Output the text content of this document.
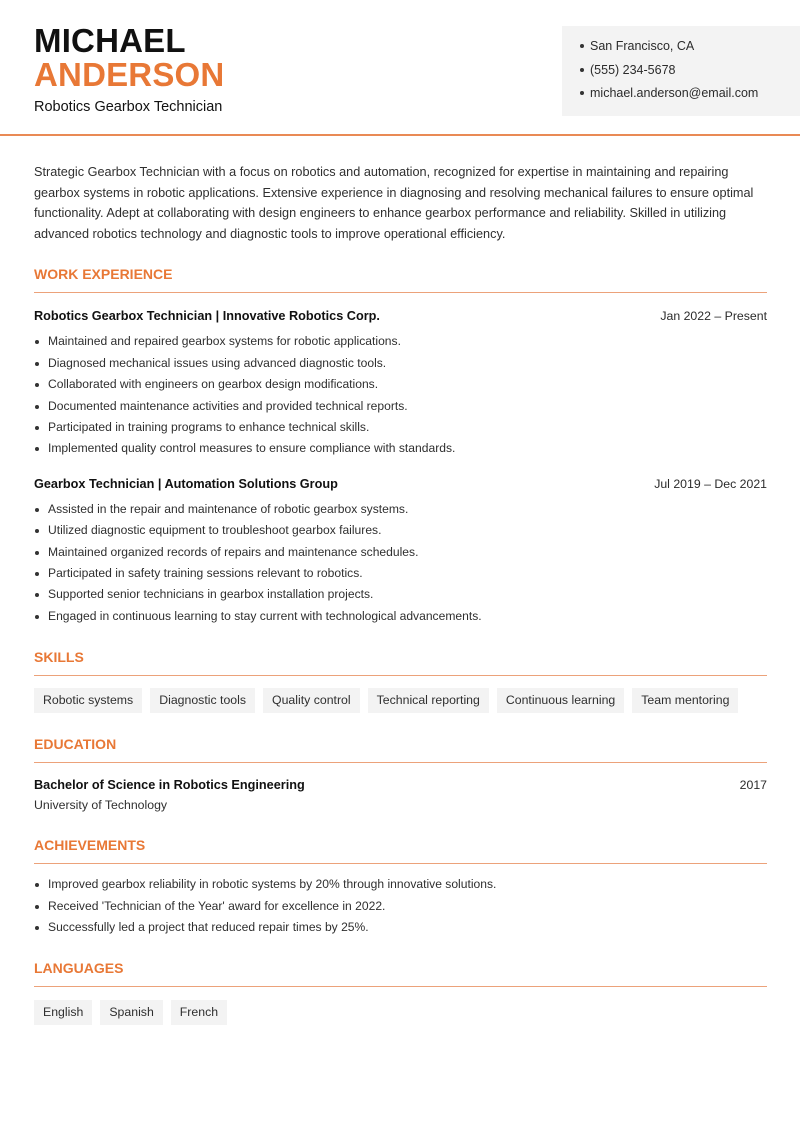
MICHAEL
ANDERSON
Robotics Gearbox Technician
San Francisco, CA
(555) 234-5678
michael.anderson@email.com

Strategic Gearbox Technician with a focus on robotics and automation, recognized for expertise in maintaining and repairing gearbox systems in robotic applications. Extensive experience in diagnosing and resolving mechanical failures to ensure optimal functionality. Adept at collaborating with design engineers to enhance gearbox performance and reliability. Skilled in utilizing advanced robotics technology and diagnostic tools to improve operational efficiency.

WORK EXPERIENCE
Robotics Gearbox Technician | Innovative Robotics Corp.	Jan 2022 – Present
Maintained and repaired gearbox systems for robotic applications.
Diagnosed mechanical issues using advanced diagnostic tools.
Collaborated with engineers on gearbox design modifications.
Documented maintenance activities and provided technical reports.
Participated in training programs to enhance technical skills.
Implemented quality control measures to ensure compliance with standards.
Gearbox Technician | Automation Solutions Group	Jul 2019 – Dec 2021
Assisted in the repair and maintenance of robotic gearbox systems.
Utilized diagnostic equipment to troubleshoot gearbox failures.
Maintained organized records of repairs and maintenance schedules.
Participated in safety training sessions relevant to robotics.
Supported senior technicians in gearbox installation projects.
Engaged in continuous learning to stay current with technological advancements.
SKILLS
Robotic systems	Diagnostic tools	Quality control	Technical reporting	Continuous learning	Team mentoring
EDUCATION
Bachelor of Science in Robotics Engineering	2017
University of Technology
ACHIEVEMENTS
Improved gearbox reliability in robotic systems by 20% through innovative solutions.
Received 'Technician of the Year' award for excellence in 2022.
Successfully led a project that reduced repair times by 25%.
LANGUAGES
English	Spanish	French
